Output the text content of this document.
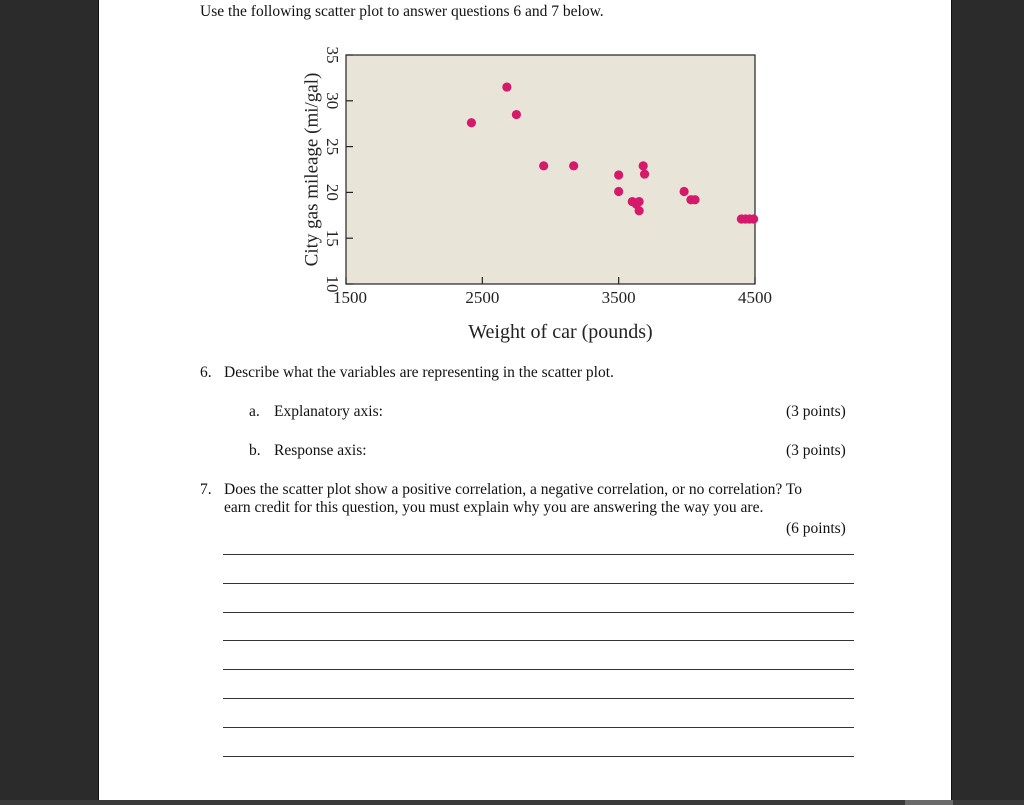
Use the following scatter plot to answer questions 6 and 7 below.
1500	2500	3500	4500
10
15
20
25
30
35
Weight of car (pounds)
City gas mileage (mi/gal)
6. Describe what the variables are representing in the scatter plot.
a. Explanatory axis:	(3 points)
b. Response axis:	(3 points)
7. Does the scatter plot show a positive correlation, a negative correlation, or no correlation? To
earn credit for this question, you must explain why you are answering the way you are.
(6 points)
